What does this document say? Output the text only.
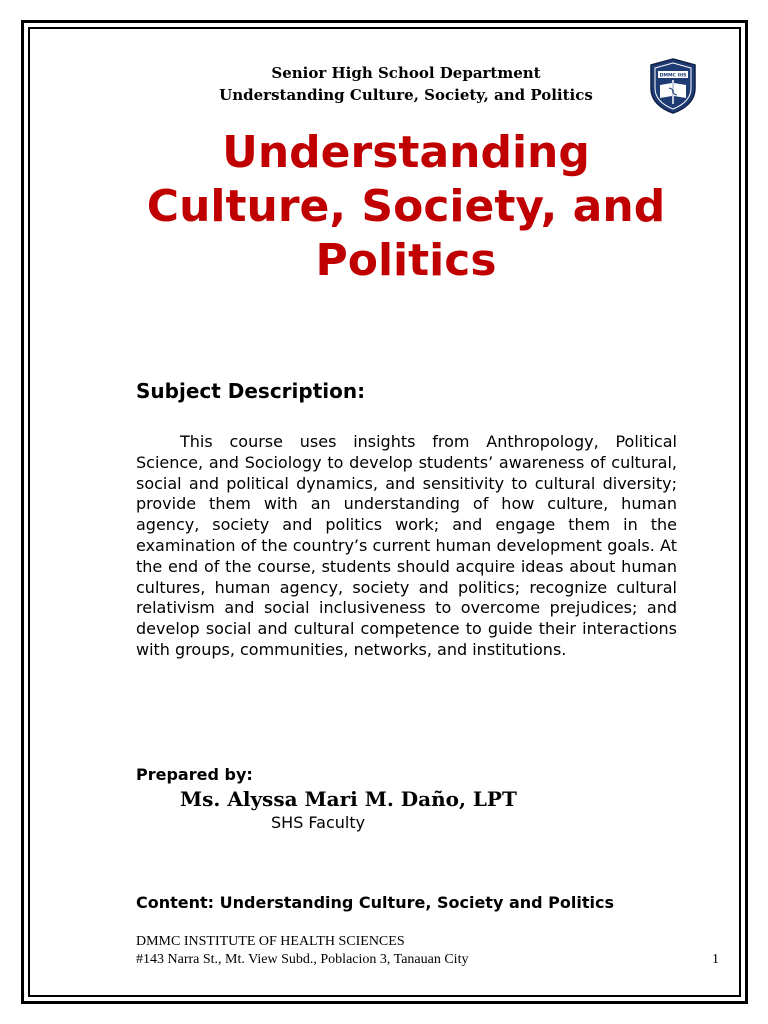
Senior High School Department
Understanding Culture, Society, and Politics
DMMC IHS
Understanding
Culture, Society, and
Politics
Subject Description:

This course uses insights from Anthropology, Political Science, and Sociology to develop students’ awareness of cultural, social and political dynamics, and sensitivity to cultural diversity; provide them with an understanding of how culture, human agency, society and politics work; and engage them in the examination of the country’s current human development goals. At the end of the course, students should acquire ideas about human cultures, human agency, society and politics; recognize cultural relativism and social inclusiveness to overcome prejudices; and develop social and cultural competence to guide their interactions with groups, communities, networks, and institutions.

Prepared by:
Ms. Alyssa Mari M. Daño, LPT
SHS Faculty
Content: Understanding Culture, Society and Politics
DMMC INSTITUTE OF HEALTH SCIENCES
#143 Narra St., Mt. View Subd., Poblacion 3, Tanauan City	1
